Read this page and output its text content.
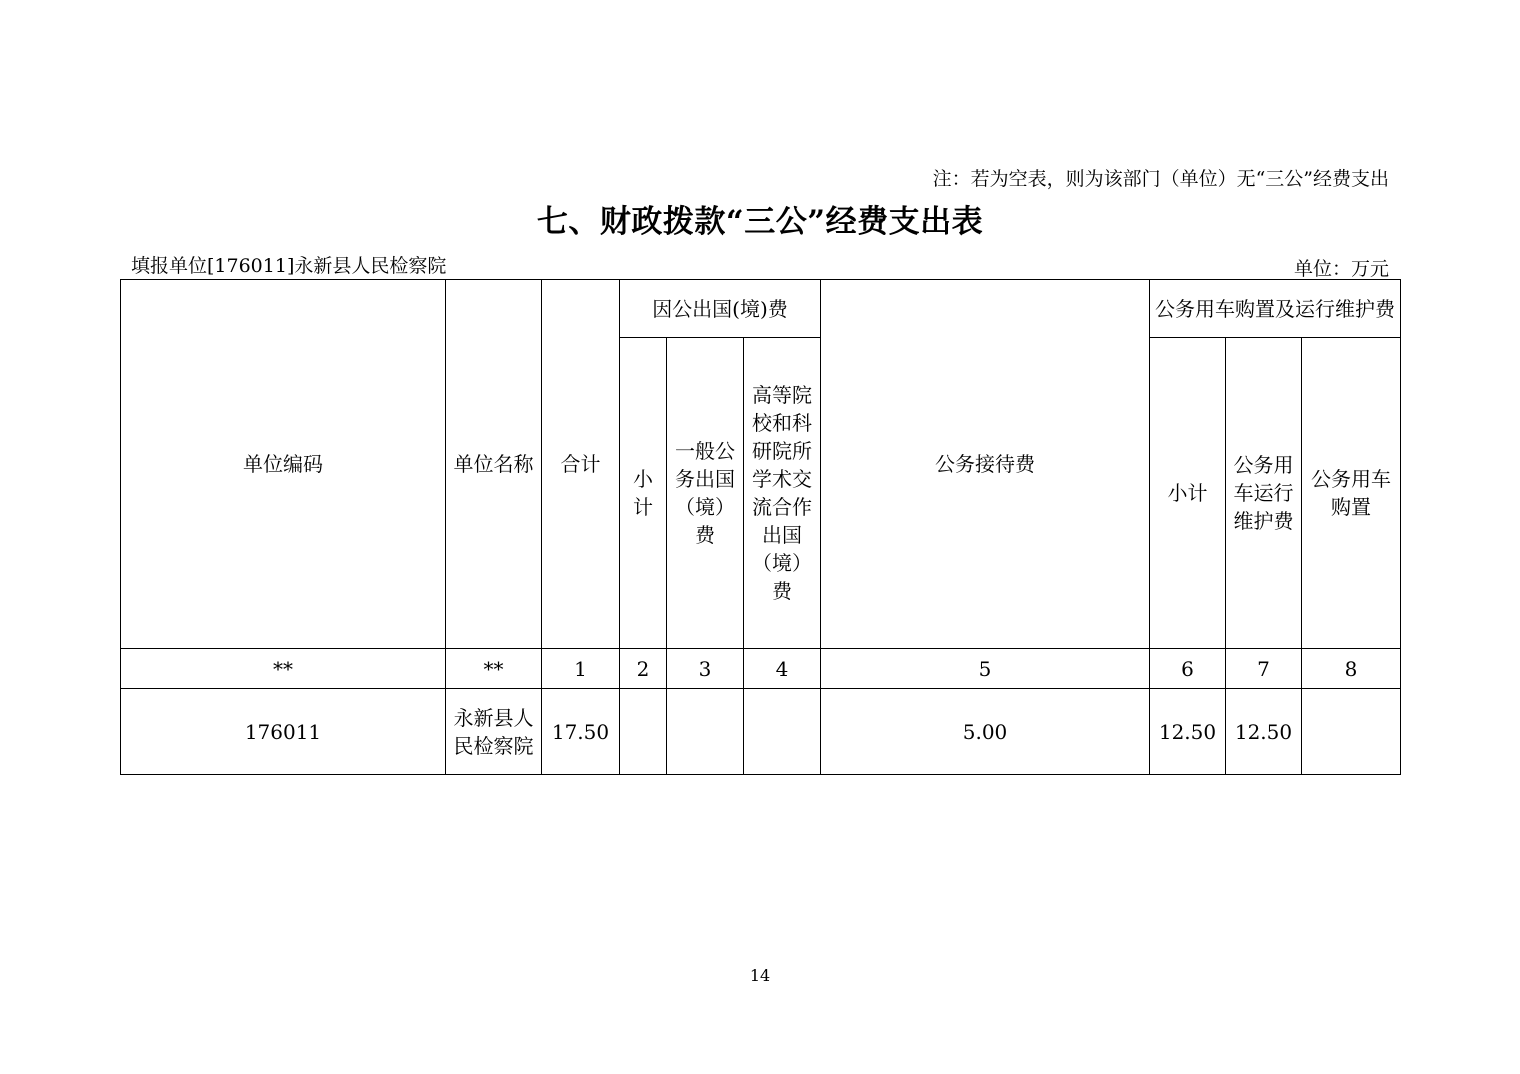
注：若为空表，则为该部门（单位）无“三公”经费支出
七、财政拨款“三公”经费支出表
填报单位[176011]永新县人民检察院	单位：万元
单位编码	单位名称	合计	因公出国(境)费			公务接待费	公务用车购置及运行维护费		
			小计	一般公务出国（境）费	高等院校和科研院所学术交流合作出国（境）费		小计	公务用车运行维护费	公务用车购置
**	**	1	2	3	4	5	6	7	8
176011	永新县人民检察院	17.50				5.00	12.50	12.50	
14
